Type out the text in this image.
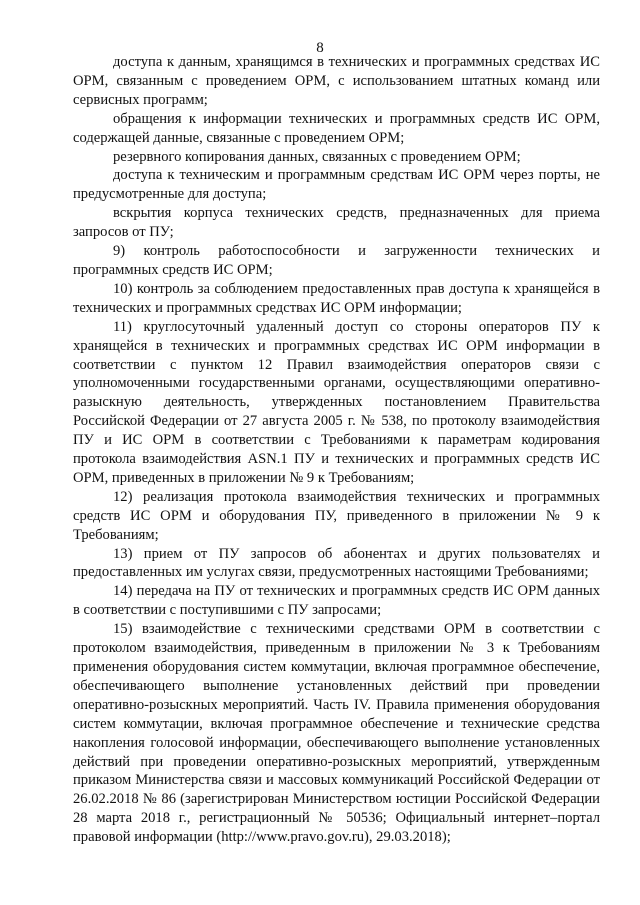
8

доступа к данным, хранящимся в технических и программных средствах ИС ОРМ, связанным с проведением ОРМ, с использованием штатных команд или сервисных программ;

обращения к информации технических и программных средств ИС ОРМ, содержащей данные, связанные с проведением ОРМ;

резервного копирования данных, связанных с проведением ОРМ;

доступа к техническим и программным средствам ИС ОРМ через порты, не предусмотренные для доступа;

вскрытия корпуса технических средств, предназначенных для приема запросов от ПУ;

9) контроль работоспособности и загруженности технических и программных средств ИС ОРМ;

10) контроль за соблюдением предоставленных прав доступа к хранящейся в технических и программных средствах ИС ОРМ информации;

11) круглосуточный удаленный доступ со стороны операторов ПУ к хранящейся в технических и программных средствах ИС ОРМ информации в соответствии с пунктом 12 Правил взаимодействия операторов связи с уполномоченными государственными органами, осуществляющими оперативно-разыскную деятельность, утвержденных постановлением Правительства Российской Федерации от 27 августа 2005 г. № 538, по протоколу взаимодействия ПУ и ИС ОРМ в соответствии с Требованиями к параметрам кодирования протокола взаимодействия ASN.1 ПУ и технических и программных средств ИС ОРМ, приведенных в приложении № 9 к Требованиям;

12) реализация протокола взаимодействия технических и программных средств ИС ОРМ и оборудования ПУ, приведенного в приложении № 9 к Требованиям;

13) прием от ПУ запросов об абонентах и других пользователях и предоставленных им услугах связи, предусмотренных настоящими Требованиями;

14) передача на ПУ от технических и программных средств ИС ОРМ данных в соответствии с поступившими с ПУ запросами;

15) взаимодействие с техническими средствами ОРМ в соответствии с протоколом взаимодействия, приведенным в приложении № 3 к Требованиям применения оборудования систем коммутации, включая программное обеспечение, обеспечивающего выполнение установленных действий при проведении оперативно-розыскных мероприятий. Часть IV. Правила применения оборудования систем коммутации, включая программное обеспечение и технические средства накопления голосовой информации, обеспечивающего выполнение установленных действий при проведении оперативно-розыскных мероприятий, утвержденным приказом Министерства связи и массовых коммуникаций Российской Федерации от 26.02.2018 № 86 (зарегистрирован Министерством юстиции Российской Федерации 28 марта 2018 г., регистрационный № 50536; Официальный интернет–портал правовой информации (http://www.pravo.gov.ru), 29.03.2018);
